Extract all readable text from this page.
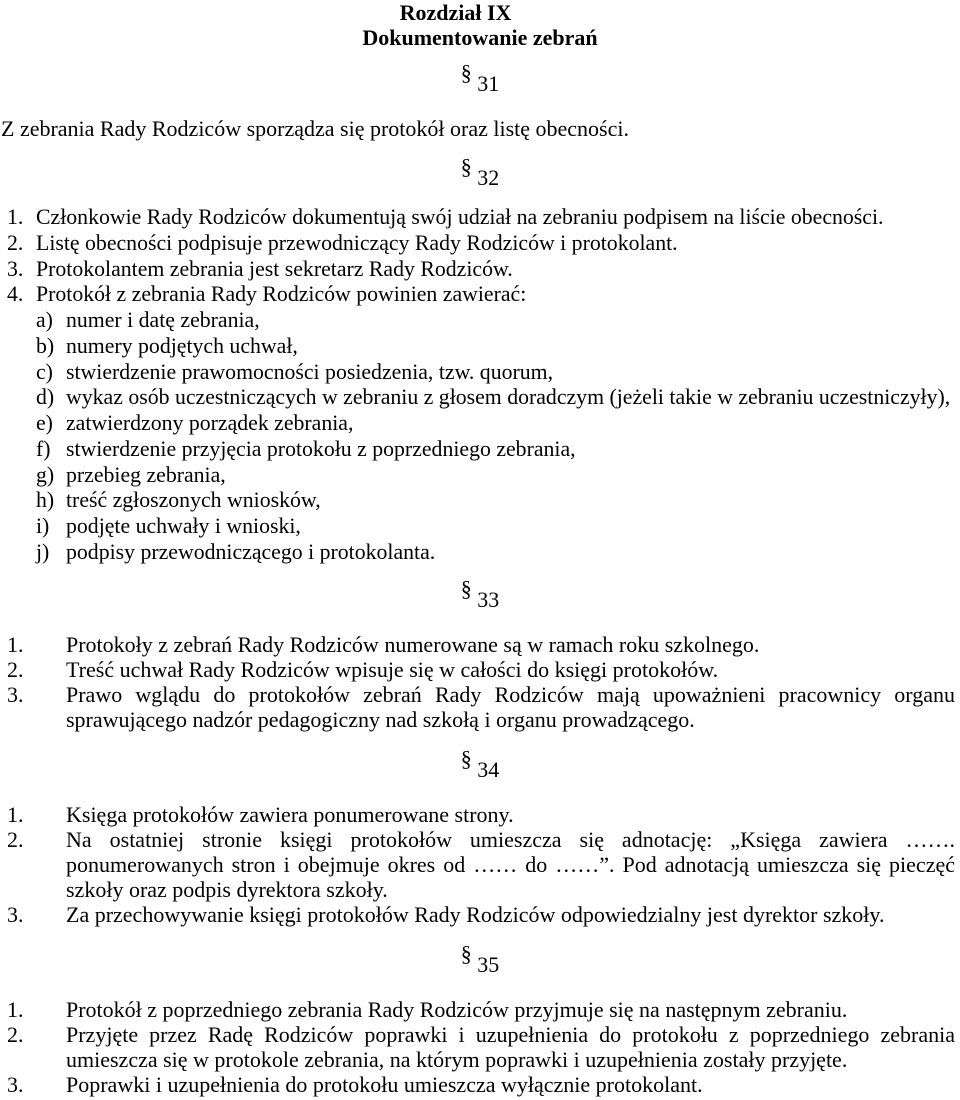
Rozdział IX
Dokumentowanie zebrań
§ 31
Z zebrania Rady Rodziców sporządza się protokół oraz listę obecności.
§ 32
1. Członkowie Rady Rodziców dokumentują swój udział na zebraniu podpisem na liście obecności.
2. Listę obecności podpisuje przewodniczący Rady Rodziców i protokolant.
3. Protokolantem zebrania jest sekretarz Rady Rodziców.
4. Protokół z zebrania Rady Rodziców powinien zawierać:
a) numer i datę zebrania,
b) numery podjętych uchwał,
c) stwierdzenie prawomocności posiedzenia, tzw. quorum,
d) wykaz osób uczestniczących w zebraniu z głosem doradczym (jeżeli takie w zebraniu uczestniczyły),
e) zatwierdzony porządek zebrania,
f) stwierdzenie przyjęcia protokołu z poprzedniego zebrania,
g) przebieg zebrania,
h) treść zgłoszonych wniosków,
i) podjęte uchwały i wnioski,
j) podpisy przewodniczącego i protokolanta.
§ 33
1. Protokoły z zebrań Rady Rodziców numerowane są w ramach roku szkolnego.
2. Treść uchwał Rady Rodziców wpisuje się w całości do księgi protokołów.
3. Prawo wglądu do protokołów zebrań Rady Rodziców mają upoważnieni pracownicy organu sprawującego nadzór pedagogiczny nad szkołą i organu prowadzącego.
§ 34
1. Księga protokołów zawiera ponumerowane strony.
2. Na ostatniej stronie księgi protokołów umieszcza się adnotację: „Księga zawiera ……. ponumerowanych stron i obejmuje okres od …… do ……”. Pod adnotacją umieszcza się pieczęć szkoły oraz podpis dyrektora szkoły.
3. Za przechowywanie księgi protokołów Rady Rodziców odpowiedzialny jest dyrektor szkoły.
§ 35
1. Protokół z poprzedniego zebrania Rady Rodziców przyjmuje się na następnym zebraniu.
2. Przyjęte przez Radę Rodziców poprawki i uzupełnienia do protokołu z poprzedniego zebrania umieszcza się w protokole zebrania, na którym poprawki i uzupełnienia zostały przyjęte.
3. Poprawki i uzupełnienia do protokołu umieszcza wyłącznie protokolant.
